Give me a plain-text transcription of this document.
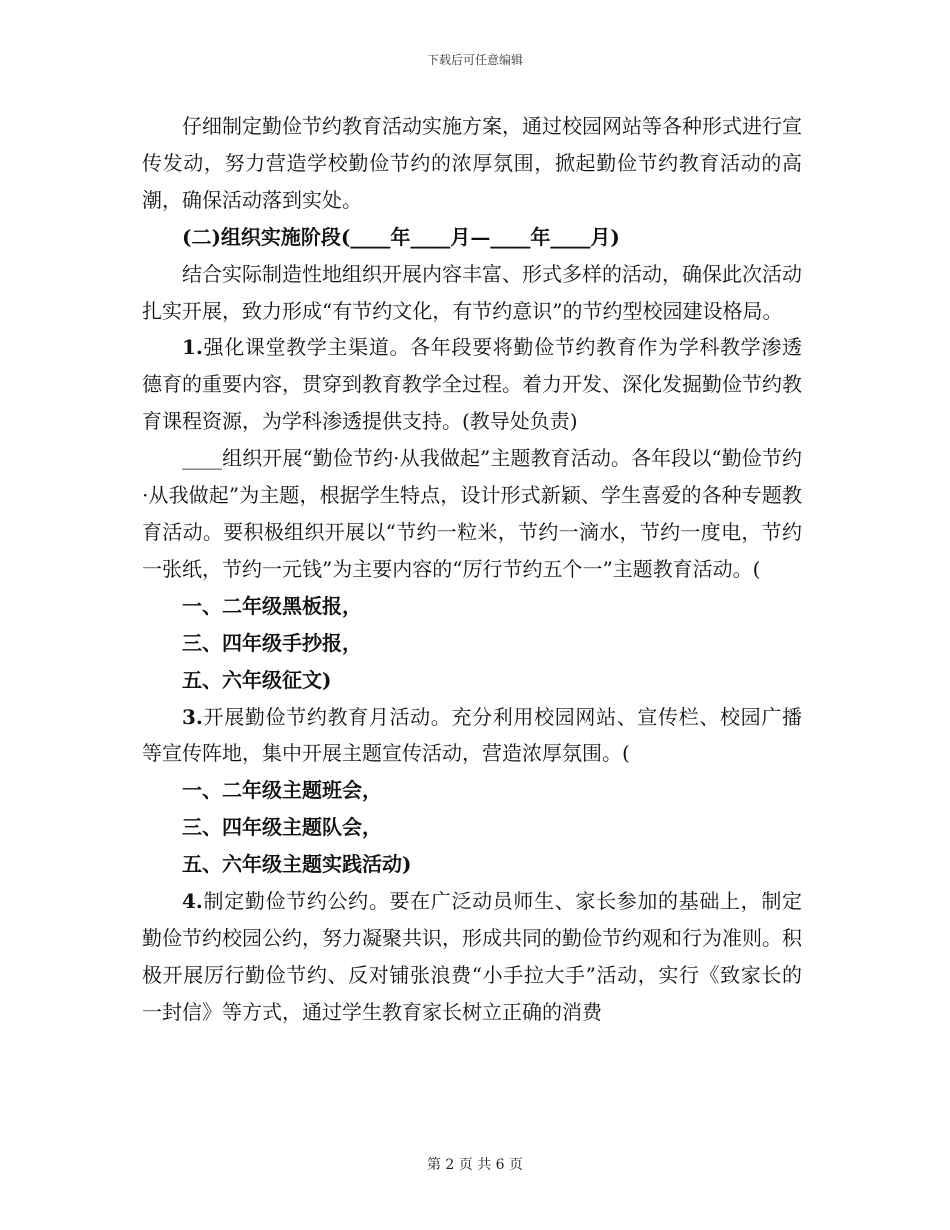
下载后可任意编辑

仔细制定勤俭节约教育活动实施方案，通过校园网站等各种形式进行宣传发动，努力营造学校勤俭节约的浓厚氛围，掀起勤俭节约教育活动的高潮，确保活动落到实处。

(二)组织实施阶段(____年____月—____年____月)

结合实际制造性地组织开展内容丰富、形式多样的活动，确保此次活动扎实开展，致力形成“有节约文化，有节约意识”的节约型校园建设格局。

1.强化课堂教学主渠道。各年段要将勤俭节约教育作为学科教学渗透德育的重要内容，贯穿到教育教学全过程。着力开发、深化发掘勤俭节约教育课程资源，为学科渗透提供支持。(教导处负责)

____组织开展“勤俭节约·从我做起”主题教育活动。各年段以“勤俭节约·从我做起”为主题，根据学生特点，设计形式新颖、学生喜爱的各种专题教育活动。要积极组织开展以“节约一粒米，节约一滴水，节约一度电，节约一张纸，节约一元钱”为主要内容的“厉行节约五个一”主题教育活动。(

一、二年级黑板报，

三、四年级手抄报，

五、六年级征文)

3.开展勤俭节约教育月活动。充分利用校园网站、宣传栏、校园广播等宣传阵地，集中开展主题宣传活动，营造浓厚氛围。(

一、二年级主题班会，

三、四年级主题队会，

五、六年级主题实践活动)

4.制定勤俭节约公约。要在广泛动员师生、家长参加的基础上，制定勤俭节约校园公约，努力凝聚共识，形成共同的勤俭节约观和行为准则。积极开展厉行勤俭节约、反对铺张浪费“小手拉大手”活动，实行《致家长的一封信》等方式，通过学生教育家长树立正确的消费

第 2 页 共 6 页
